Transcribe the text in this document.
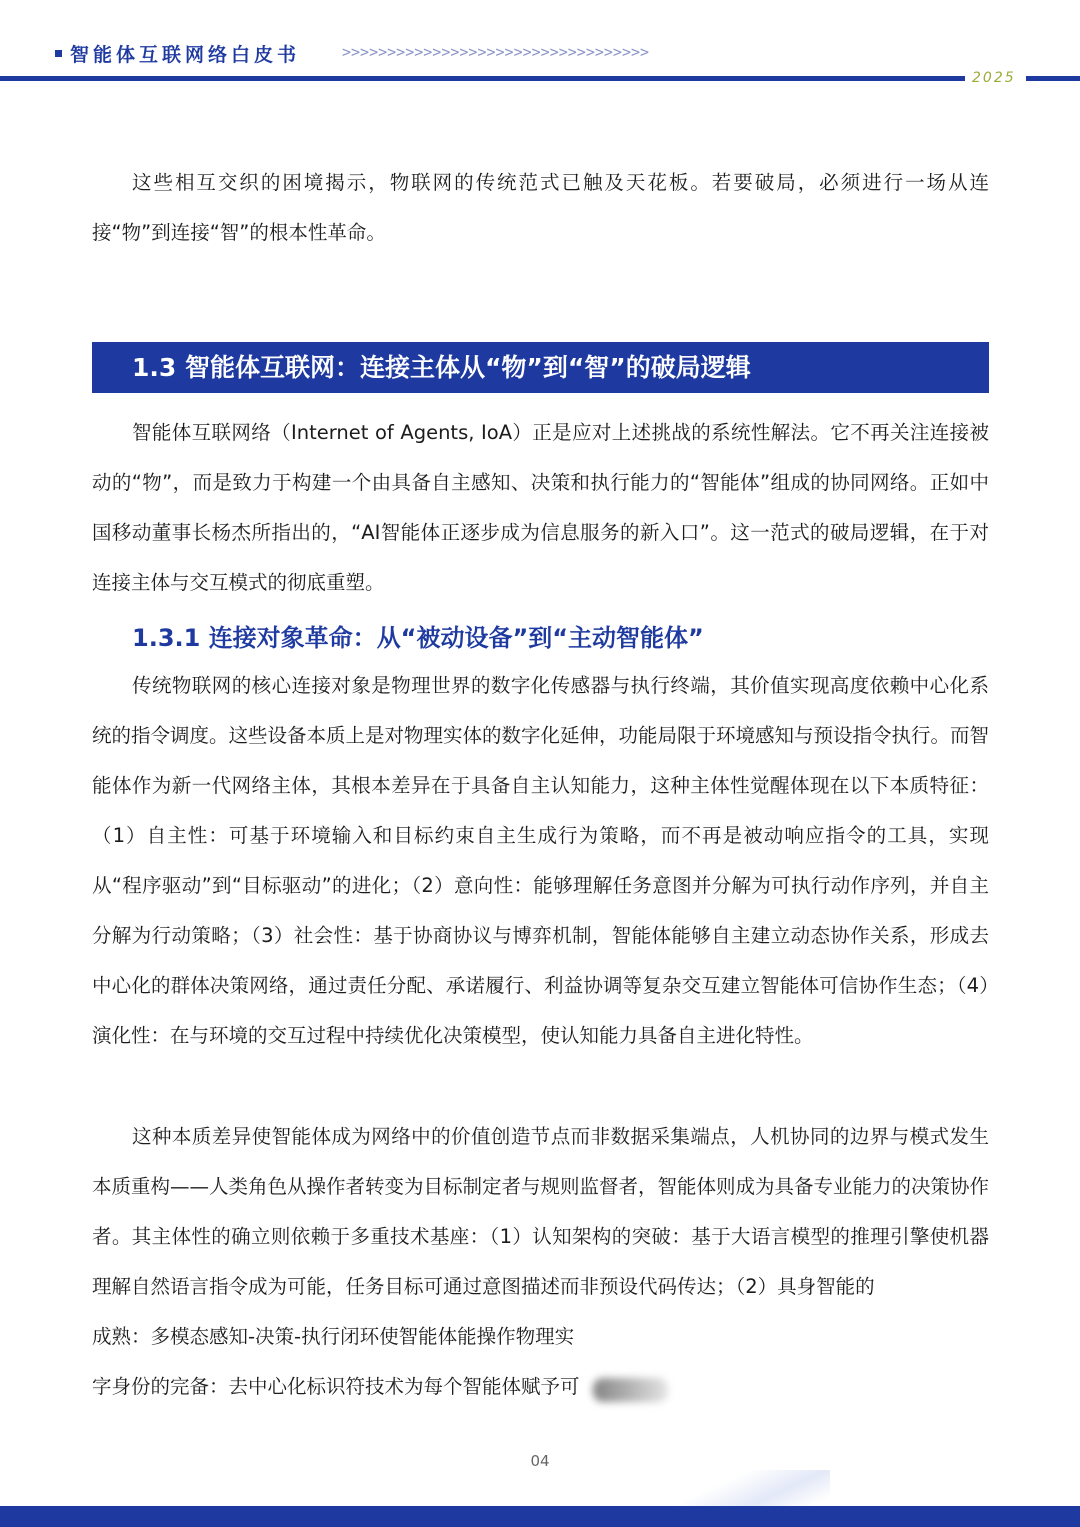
智能体互联网络白皮书	>>>>>>>>>>>>>>>>>>>>>>>>>>>>>>>>>>
2025
这些相互交织的困境揭示，物联网的传统范式已触及天花板。若要破局，必须进行一场从连接“物”到连接“智”的根本性革命。
1.3 智能体互联网：连接主体从“物”到“智”的破局逻辑
智能体互联网络（Internet of Agents, IoA）正是应对上述挑战的系统性解法。它不再关注连接被动的“物”，而是致力于构建一个由具备自主感知、决策和执行能力的“智能体”组成的协同网络。正如中国移动董事长杨杰所指出的，“AI智能体正逐步成为信息服务的新入口”。这一范式的破局逻辑，在于对连接主体与交互模式的彻底重塑。
1.3.1 连接对象革命：从“被动设备”到“主动智能体”
传统物联网的核心连接对象是物理世界的数字化传感器与执行终端，其价值实现高度依赖中心化系统的指令调度。这些设备本质上是对物理实体的数字化延伸，功能局限于环境感知与预设指令执行。而智能体作为新一代网络主体，其根本差异在于具备自主认知能力，这种主体性觉醒体现在以下本质特征：（1）自主性：可基于环境输入和目标约束自主生成行为策略，而不再是被动响应指令的工具，实现从“程序驱动”到“目标驱动”的进化；（2）意向性：能够理解任务意图并分解为可执行动作序列，并自主分解为行动策略；（3）社会性：基于协商协议与博弈机制，智能体能够自主建立动态协作关系，形成去中心化的群体决策网络，通过责任分配、承诺履行、利益协调等复杂交互建立智能体可信协作生态；（4）演化性：在与环境的交互过程中持续优化决策模型，使认知能力具备自主进化特性。
这种本质差异使智能体成为网络中的价值创造节点而非数据采集端点，人机协同的边界与模式发生本质重构——人类角色从操作者转变为目标制定者与规则监督者，智能体则成为具备专业能力的决策协作者。其主体性的确立则依赖于多重技术基座：（1）认知架构的突破：基于大语言模型的推理引擎使机器理解自然语言指令成为可能，任务目标可通过意图描述而非预设代码传达；（2）具身智能的
成熟：多模态感知-决策-执行闭环使智能体能操作物理实
字身份的完备：去中心化标识符技术为每个智能体赋予可
04
